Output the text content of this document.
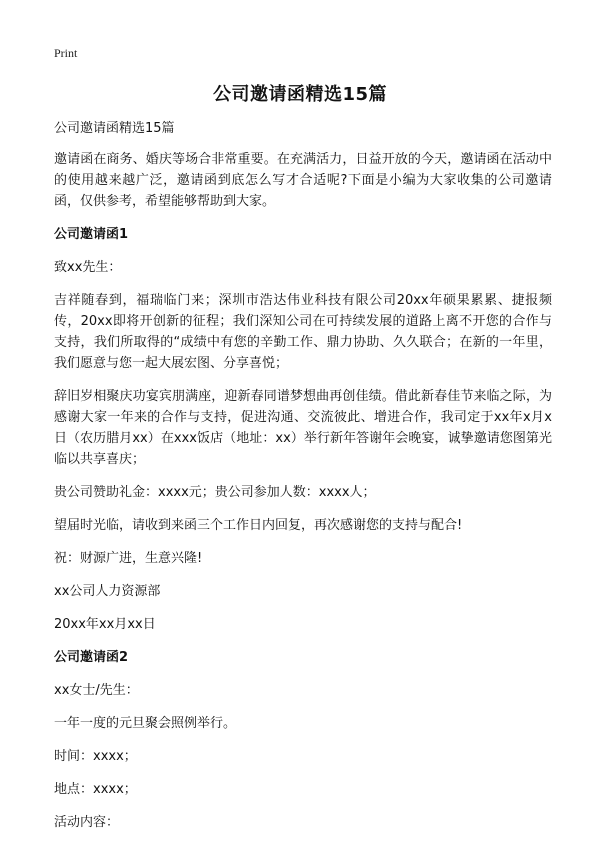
Print
公司邀请函精选15篇

公司邀请函精选15篇

邀请函在商务、婚庆等场合非常重要。在充满活力，日益开放的今天，邀请函在活动中的使用越来越广泛，邀请函到底怎么写才合适呢?下面是小编为大家收集的公司邀请函，仅供参考，希望能够帮助到大家。

公司邀请函1

致xx先生：

吉祥随春到，福瑞临门来；深圳市浩达伟业科技有限公司20xx年硕果累累、捷报频传，20xx即将开创新的征程；我们深知公司在可持续发展的道路上离不开您的合作与支持，我们所取得的“成绩中有您的辛勤工作、鼎力协助、久久联合；在新的一年里，我们愿意与您一起大展宏图、分享喜悦；

辞旧岁相聚庆功宴宾朋满座，迎新春同谱梦想曲再创佳绩。借此新春佳节来临之际，为感谢大家一年来的合作与支持，促进沟通、交流彼此、增进合作，我司定于xx年x月x日（农历腊月xx）在xxx饭店（地址：xx）举行新年答谢年会晚宴，诚挚邀请您图第光临以共享喜庆；

贵公司赞助礼金：xxxx元；贵公司参加人数：xxxx人；

望届时光临，请收到来函三个工作日内回复，再次感谢您的支持与配合!

祝：财源广进，生意兴隆!

xx公司人力资源部

20xx年xx月xx日

公司邀请函2

xx女士/先生：

一年一度的元旦聚会照例举行。

时间：xxxx；

地点：xxxx；

活动内容：
